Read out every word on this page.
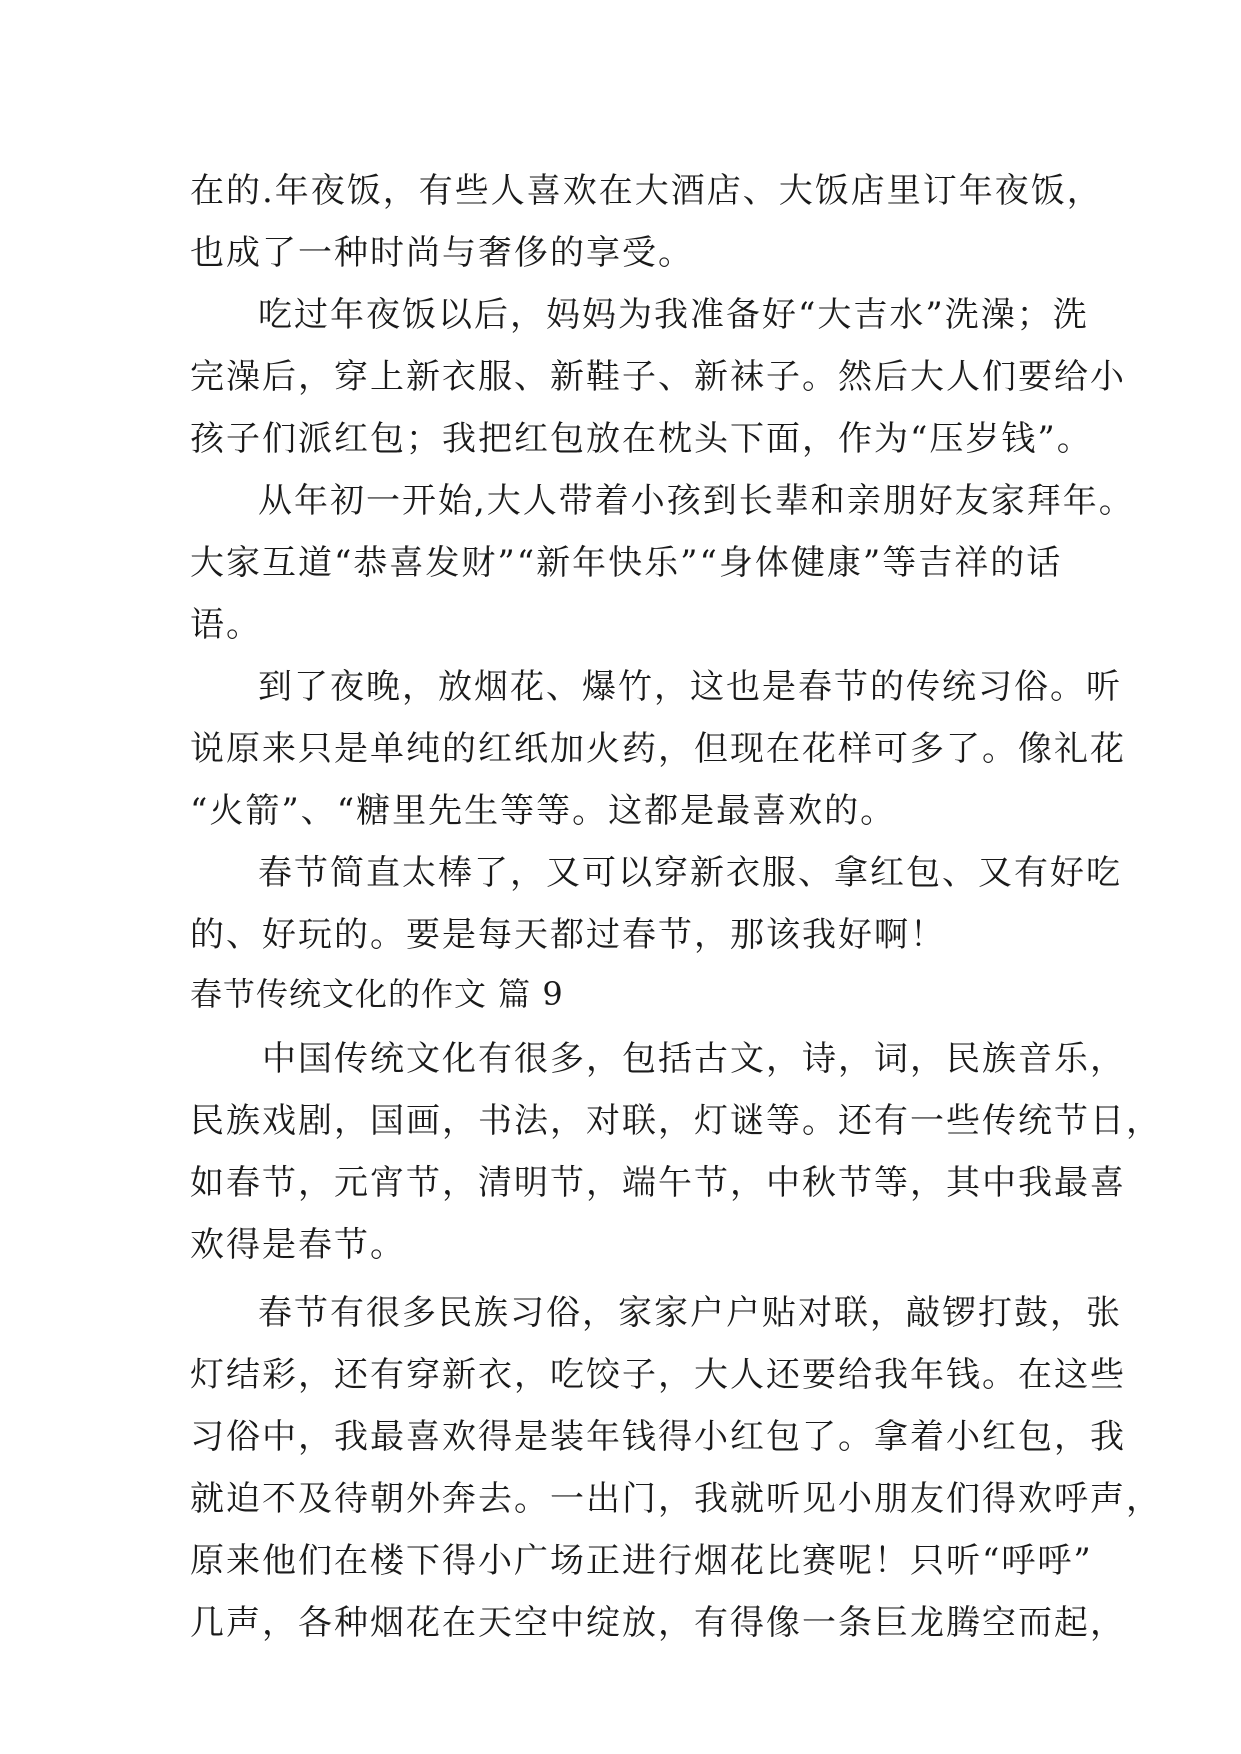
在的.年夜饭，有些人喜欢在大酒店、大饭店里订年夜饭，
也成了一种时尚与奢侈的享受。
吃过年夜饭以后，妈妈为我准备好“大吉水”洗澡；洗
完澡后，穿上新衣服、新鞋子、新袜子。然后大人们要给小
孩子们派红包；我把红包放在枕头下面，作为“压岁钱”。
从年初一开始,大人带着小孩到长辈和亲朋好友家拜年。
大家互道“恭喜发财”“新年快乐”“身体健康”等吉祥的话
语。
到了夜晚，放烟花、爆竹，这也是春节的传统习俗。听
说原来只是单纯的红纸加火药，但现在花样可多了。像礼花
“火箭”、“糖里先生等等。这都是最喜欢的。
春节简直太棒了，又可以穿新衣服、拿红包、又有好吃
的、好玩的。要是每天都过春节，那该我好啊！
春节传统文化的作文 篇 9
中国传统文化有很多，包括古文，诗，词，民族音乐，
民族戏剧，国画，书法，对联，灯谜等。还有一些传统节日，
如春节，元宵节，清明节，端午节，中秋节等，其中我最喜
欢得是春节。
春节有很多民族习俗，家家户户贴对联，敲锣打鼓，张
灯结彩，还有穿新衣，吃饺子，大人还要给我年钱。在这些
习俗中，我最喜欢得是装年钱得小红包了。拿着小红包，我
就迫不及待朝外奔去。一出门，我就听见小朋友们得欢呼声，
原来他们在楼下得小广场正进行烟花比赛呢！只听“呼呼”
几声，各种烟花在天空中绽放，有得像一条巨龙腾空而起，
